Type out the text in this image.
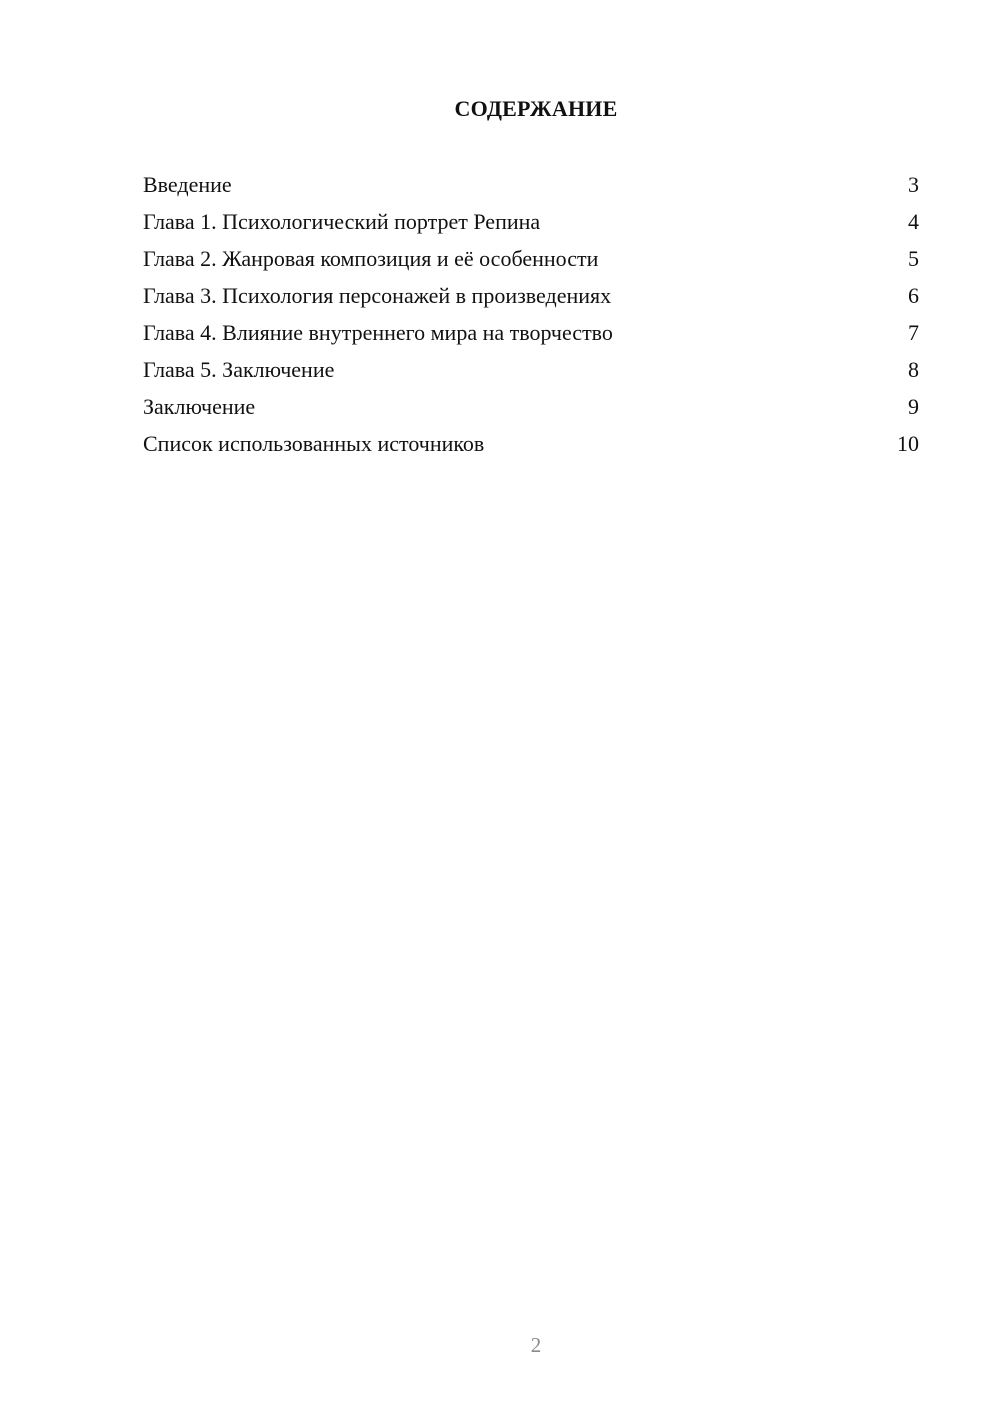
СОДЕРЖАНИЕ
Введение	3
Глава 1. Психологический портрет Репина	4
Глава 2. Жанровая композиция и её особенности	5
Глава 3. Психология персонажей в произведениях	6
Глава 4. Влияние внутреннего мира на творчество	7
Глава 5. Заключение	8
Заключение	9
Список использованных источников	10
2
